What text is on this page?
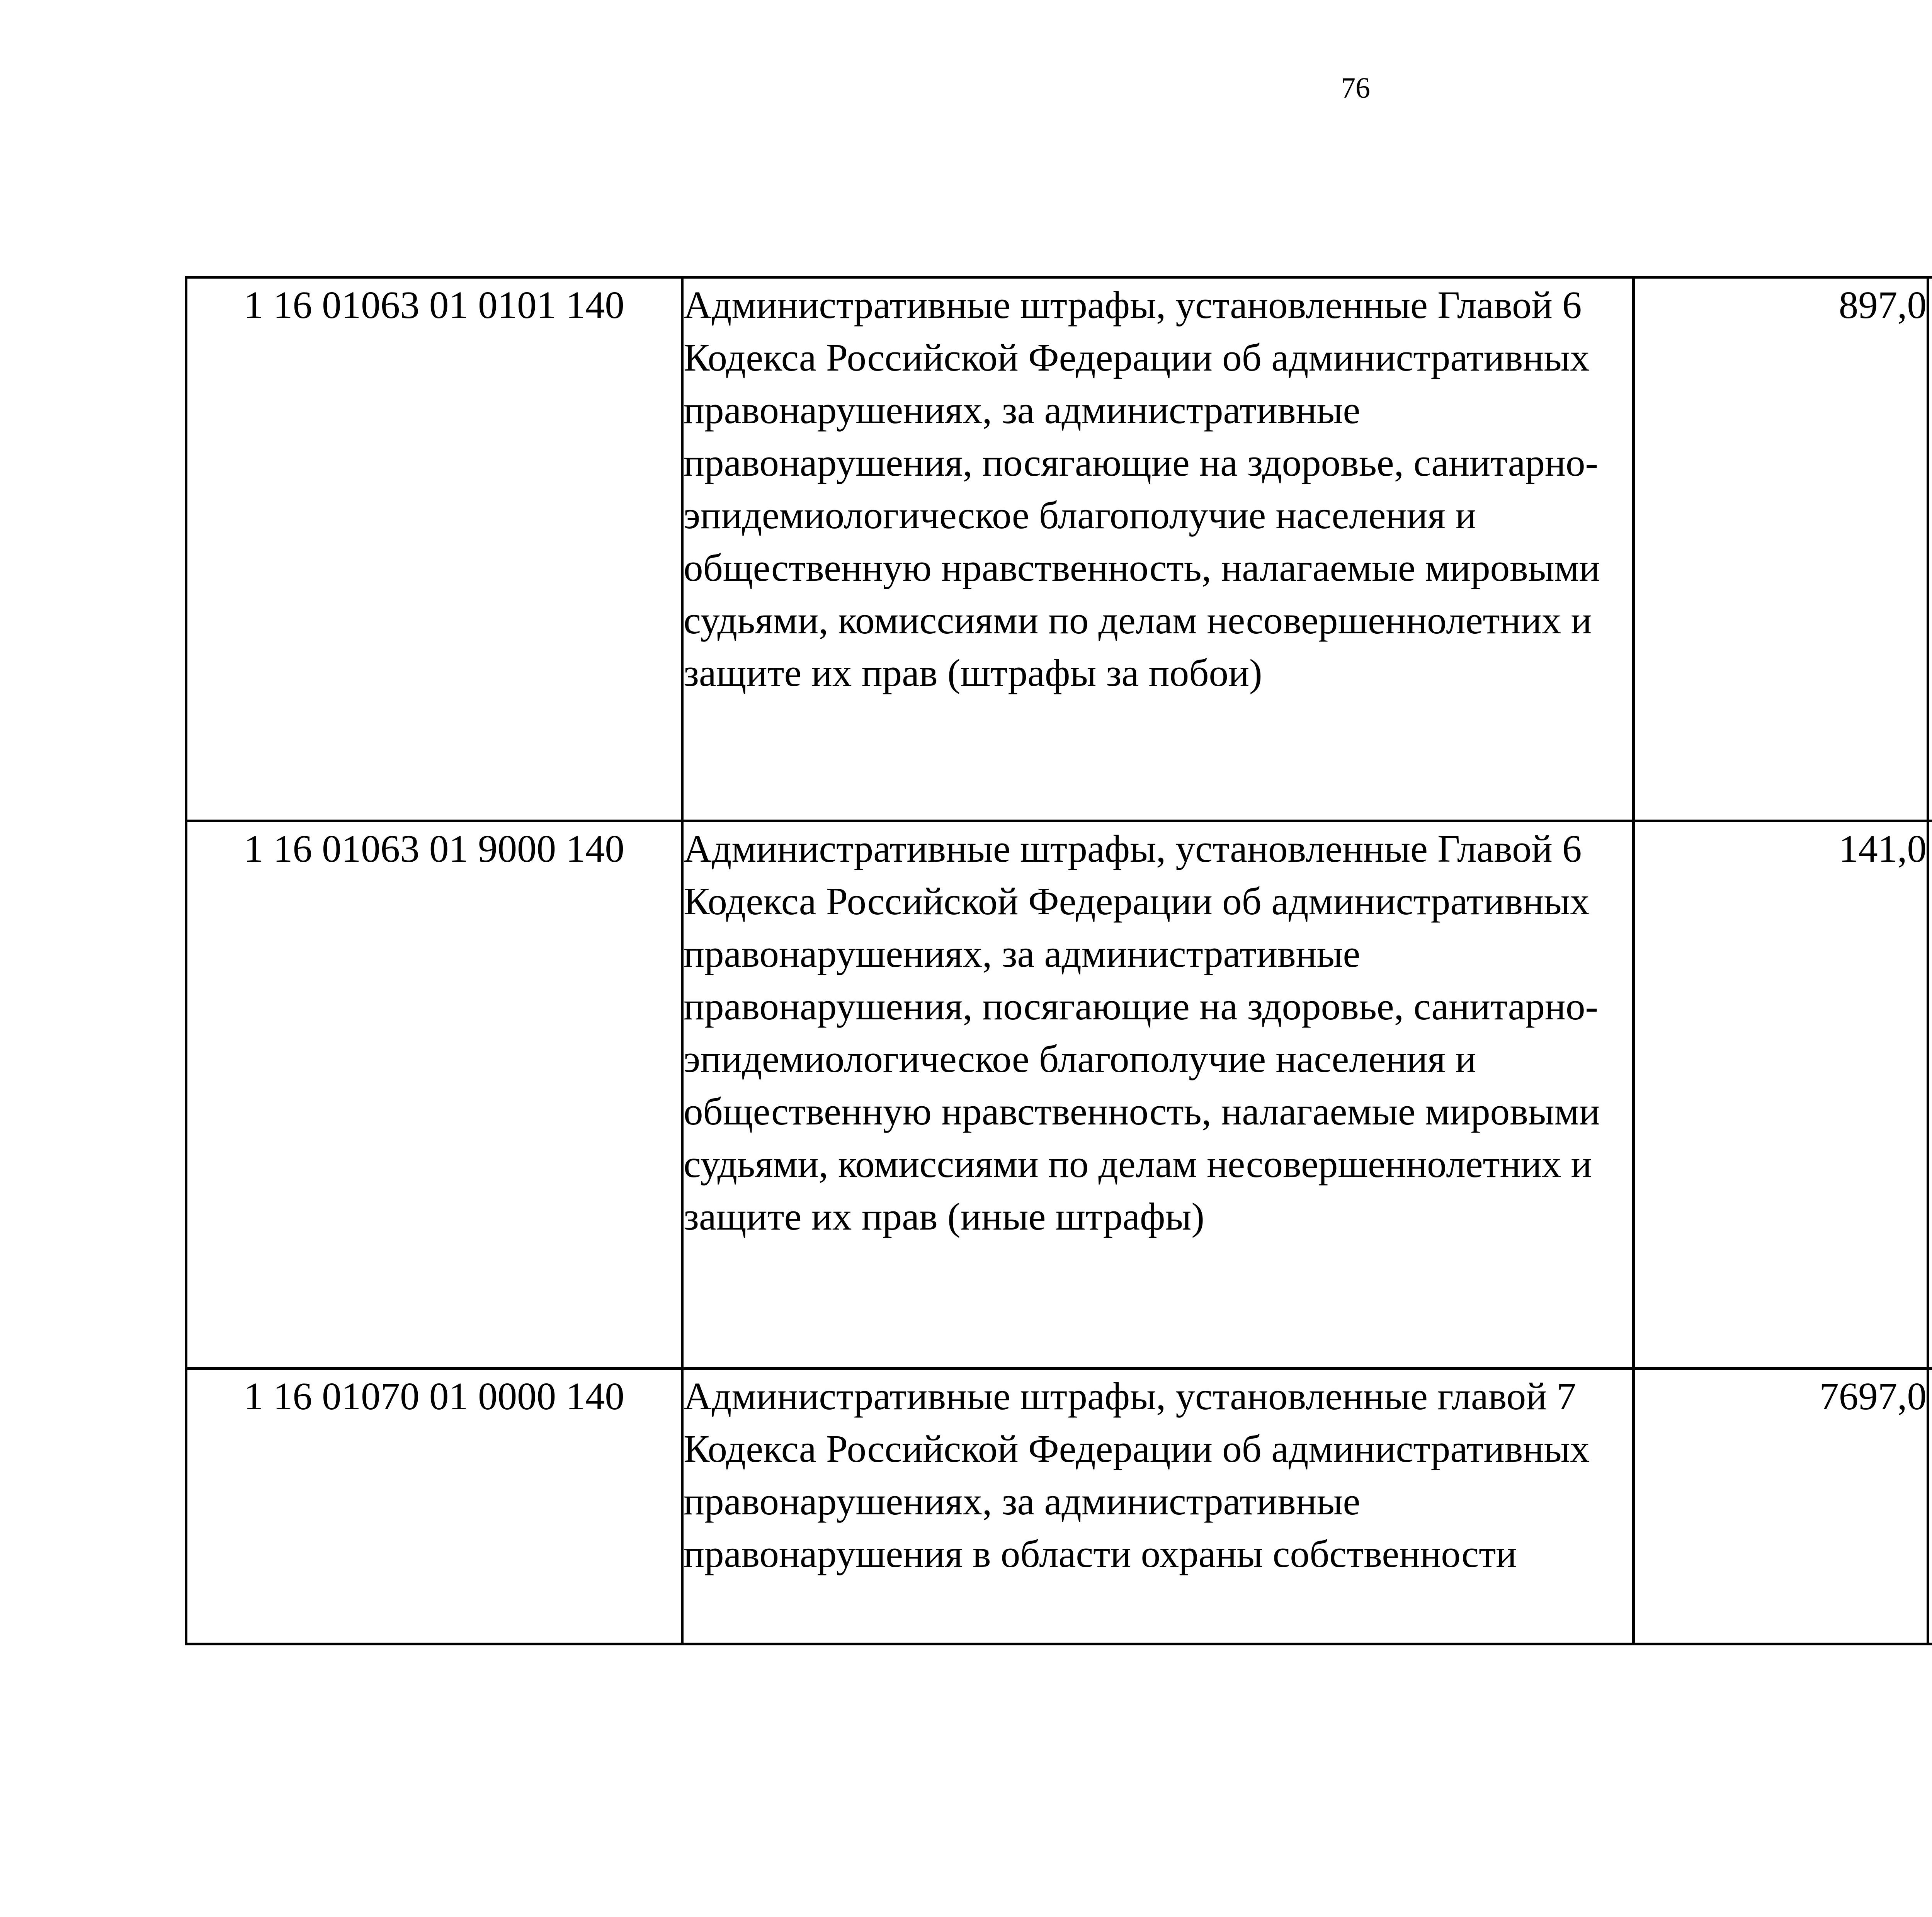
76
1 16 01063 01 0101 140	Административные штрафы, установленные Главой 6 Кодекса Российской Федерации об административных правонарушениях, за административные правонарушения, посягающие на здоровье, санитарно-эпидемиологическое благополучие населения и общественную нравственность, налагаемые мировыми судьями, комиссиями по делам несовершеннолетних и защите их прав (штрафы за побои)	897,0		
1 16 01063 01 9000 140	Административные штрафы, установленные Главой 6 Кодекса Российской Федерации об административных правонарушениях, за административные правонарушения, посягающие на здоровье, санитарно-эпидемиологическое благополучие населения и общественную нравственность, налагаемые мировыми судьями, комиссиями по делам несовершеннолетних и защите их прав (иные штрафы)	141,0		
1 16 01070 01 0000 140	Административные штрафы, установленные главой 7 Кодекса Российской Федерации об административных правонарушениях, за административные правонарушения в области охраны собственности	7697,0		
